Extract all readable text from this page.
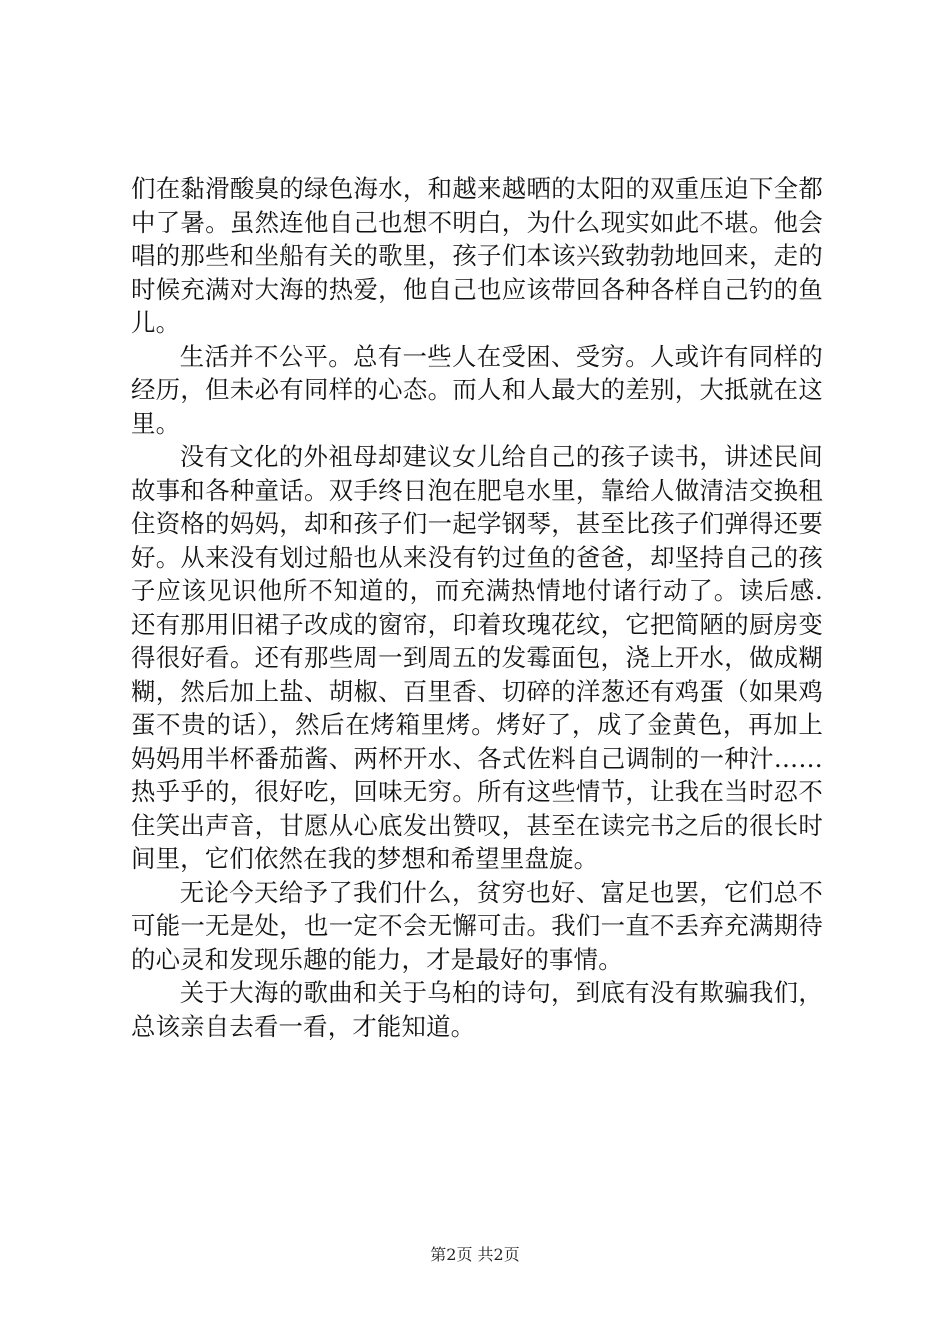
们在黏滑酸臭的绿色海水，和越来越晒的太阳的双重压迫下全都中了暑。虽然连他自己也想不明白，为什么现实如此不堪。他会唱的那些和坐船有关的歌里，孩子们本该兴致勃勃地回来，走的时候充满对大海的热爱，他自己也应该带回各种各样自己钓的鱼儿。

生活并不公平。总有一些人在受困、受穷。人或许有同样的经历，但未必有同样的心态。而人和人最大的差别，大抵就在这里。

没有文化的外祖母却建议女儿给自己的孩子读书，讲述民间故事和各种童话。双手终日泡在肥皂水里，靠给人做清洁交换租住资格的妈妈，却和孩子们一起学钢琴，甚至比孩子们弹得还要好。从来没有划过船也从来没有钓过鱼的爸爸，却坚持自己的孩子应该见识他所不知道的，而充满热情地付诸行动了。读后感.还有那用旧裙子改成的窗帘，印着玫瑰花纹，它把简陋的厨房变得很好看。还有那些周一到周五的发霉面包，浇上开水，做成糊糊，然后加上盐、胡椒、百里香、切碎的洋葱还有鸡蛋（如果鸡蛋不贵的话），然后在烤箱里烤。烤好了，成了金黄色，再加上妈妈用半杯番茄酱、两杯开水、各式佐料自己调制的一种汁……热乎乎的，很好吃，回味无穷。所有这些情节，让我在当时忍不住笑出声音，甘愿从心底发出赞叹，甚至在读完书之后的很长时间里，它们依然在我的梦想和希望里盘旋。

无论今天给予了我们什么，贫穷也好、富足也罢，它们总不可能一无是处，也一定不会无懈可击。我们一直不丢弃充满期待的心灵和发现乐趣的能力，才是最好的事情。

关于大海的歌曲和关于乌桕的诗句，到底有没有欺骗我们，总该亲自去看一看，才能知道。

第2页 共2页
